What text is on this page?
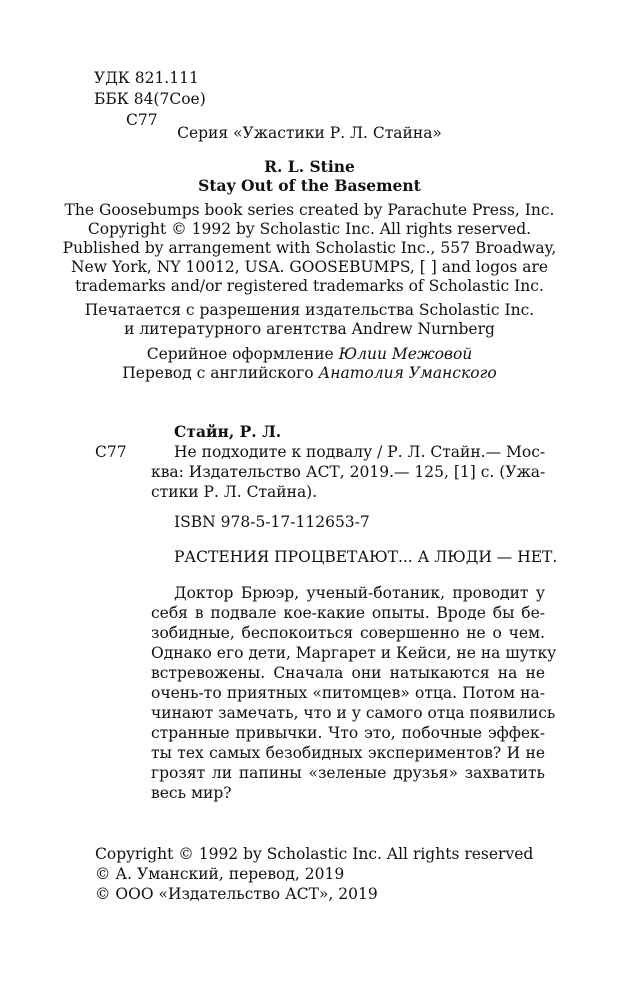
УДК 821.111
ББК 84(7Сое)
С77
Серия «Ужастики Р. Л. Стайна»
R. L. Stine
Stay Out of the Basement
The Goosebumps book series created by Parachute Press, Inc.
Copyright © 1992 by Scholastic Inc. All rights reserved.
Published by arrangement with Scholastic Inc., 557 Broadway,
New York, NY 10012, USA. GOOSEBUMPS, [ ] and logos are
trademarks and/or registered trademarks of Scholastic Inc.
Печатается с разрешения издательства Scholastic Inc.
и литературного агентства Andrew Nurnberg
Серийное оформление Юлии Межовой
Перевод с английского Анатолия Уманского
Стайн, Р. Л.
С77	Не подходите к подвалу / Р. Л. Стайн.— Мос-
ква: Издательство АСТ, 2019.— 125, [1] с. (Ужа-
стики Р. Л. Стайна).
ISBN 978-5-17-112653-7
РАСТЕНИЯ ПРОЦВЕТАЮТ... А ЛЮДИ — НЕТ.
Доктор Брюэр, ученый-ботаник, проводит у
себя в подвале кое-какие опыты. Вроде бы бе-
зобидные, беспокоиться совершенно не о чем.
Однако его дети, Маргарет и Кейси, не на шутку
встревожены. Сначала они натыкаются на не
очень-то приятных «питомцев» отца. Потом на-
чинают замечать, что и у самого отца появились
странные привычки. Что это, побочные эффек-
ты тех самых безобидных экспериментов? И не
грозят ли папины «зеленые друзья» захватить
весь мир?
Copyright © 1992 by Scholastic Inc. All rights reserved
© А. Уманский, перевод, 2019
© ООО «Издательство АСТ», 2019
